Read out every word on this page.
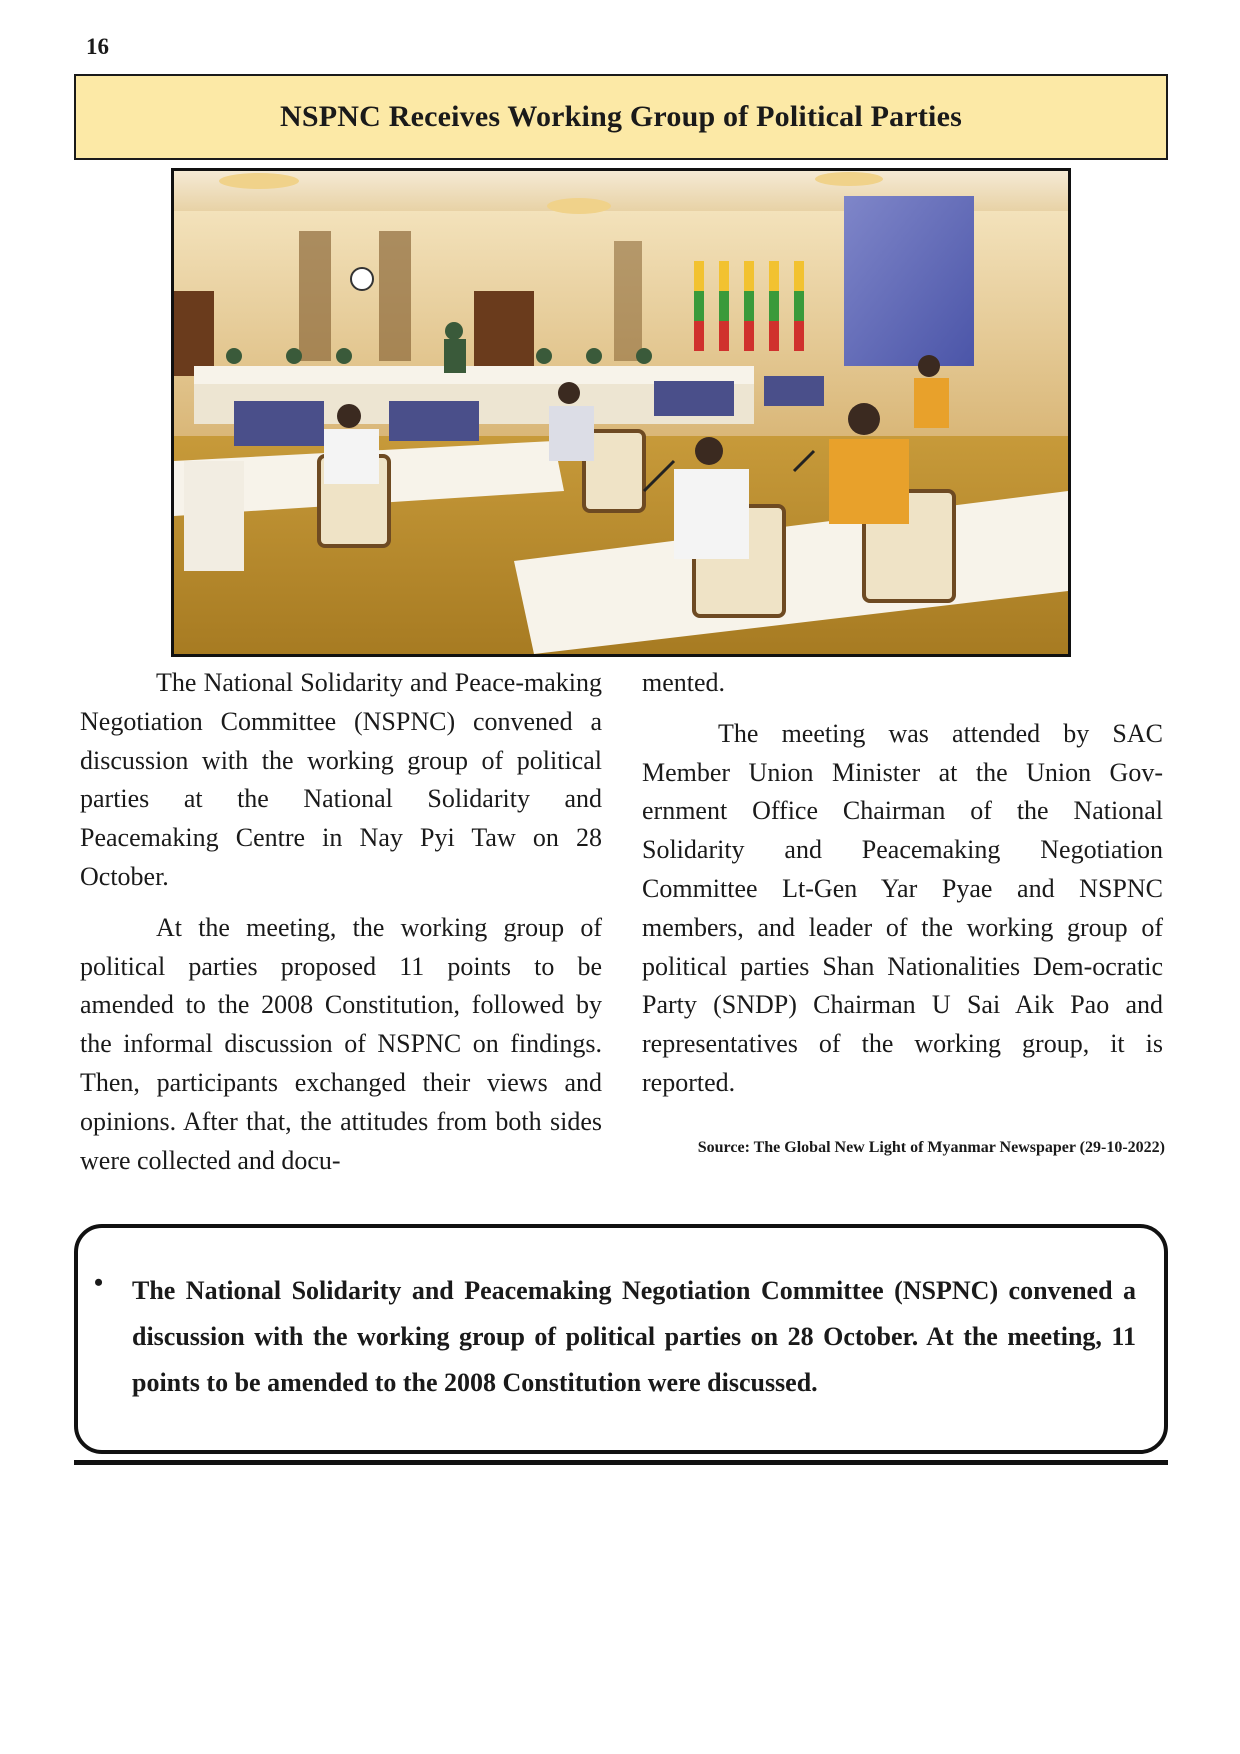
16
NSPNC Receives Working Group of Political Parties

The National Solidarity and Peace-making Negotiation Committee (NSPNC) convened a discussion with the working group of political parties at the National Solidarity and Peacemaking Centre in Nay Pyi Taw on 28 October.

At the meeting, the working group of political parties proposed 11 points to be amended to the 2008 Constitution, followed by the informal discussion of NSPNC on findings. Then, participants exchanged their views and opinions. After that, the attitudes from both sides were collected and docu-

mented.

The meeting was attended by SAC Member Union Minister at the Union Gov-ernment Office Chairman of the National Solidarity and Peacemaking Negotiation Committee Lt-Gen Yar Pyae and NSPNC members, and leader of the working group of political parties Shan Nationalities Dem-ocratic Party (SNDP) Chairman U Sai Aik Pao and representatives of the working group, it is reported.

Source: The Global New Light of Myanmar Newspaper (29-10-2022)
• The National Solidarity and Peacemaking Negotiation Committee (NSPNC) convened a discussion with the working group of political parties on 28 October. At the meeting, 11 points to be amended to the 2008 Constitution were discussed.
